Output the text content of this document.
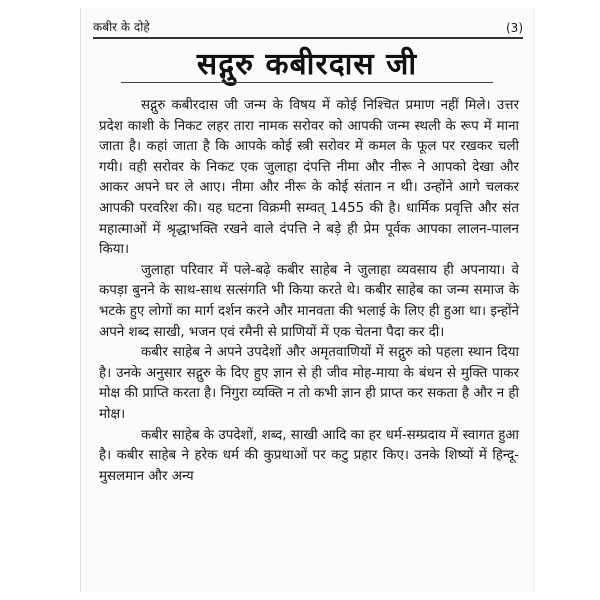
कबीर के दोहे	(3)
सद्गुरु कबीरदास जी

सद्गुरु कबीरदास जी जन्म के विषय में कोई निश्चित प्रमाण नहीं मिले। उत्तर प्रदेश काशी के निकट लहर तारा नामक सरोवर को आपकी जन्म स्थली के रूप में माना जाता है। कहां जाता है कि आपके कोई स्त्री सरोवर में कमल के फूल पर रखकर चली गयी। वही सरोवर के निकट एक जुलाहा दंपत्ति नीमा और नीरू ने आपको देखा और आकर अपने घर ले आए। नीमा और नीरू के कोई संतान न थी। उन्होंने आगे चलकर आपकी परवरिश की। यह घटना विक्रमी सम्वत् 1455 की है। धार्मिक प्रवृत्ति और संत महात्माओं में श्रृद्धाभक्ति रखने वाले दंपत्ति ने बड़े ही प्रेम पूर्वक आपका लालन-पालन किया।

जुलाहा परिवार में पले-बढ़े कबीर साहेब ने जुलाहा व्यवसाय ही अपनाया। वे कपड़ा बुनने के साथ-साथ सत्संगति भी किया करते थे। कबीर साहेब का जन्म समाज के भटके हुए लोगों का मार्ग दर्शन करने और मानवता की भलाई के लिए ही हुआ था। इन्होंने अपने शब्द साखी, भजन एवं रमैनी से प्राणियों में एक चेतना पैदा कर दी।

कबीर साहेब ने अपने उपदेशों और अमृतवाणियों में सद्गुरु को पहला स्थान दिया है। उनके अनुसार सद्गुरु के दिए हुए ज्ञान से ही जीव मोह-माया के बंधन से मुक्ति पाकर मोक्ष की प्राप्ति करता है। निगुरा व्यक्ति न तो कभी ज्ञान ही प्राप्त कर सकता है और न ही मोक्ष।

कबीर साहेब के उपदेशों, शब्द, साखी आदि का हर धर्म-सम्प्रदाय में स्वागत हुआ है। कबीर साहेब ने हरेक धर्म की कुप्रथाओं पर कटु प्रहार किए। उनके शिष्यों में हिन्दू-मुसलमान और अन्य
